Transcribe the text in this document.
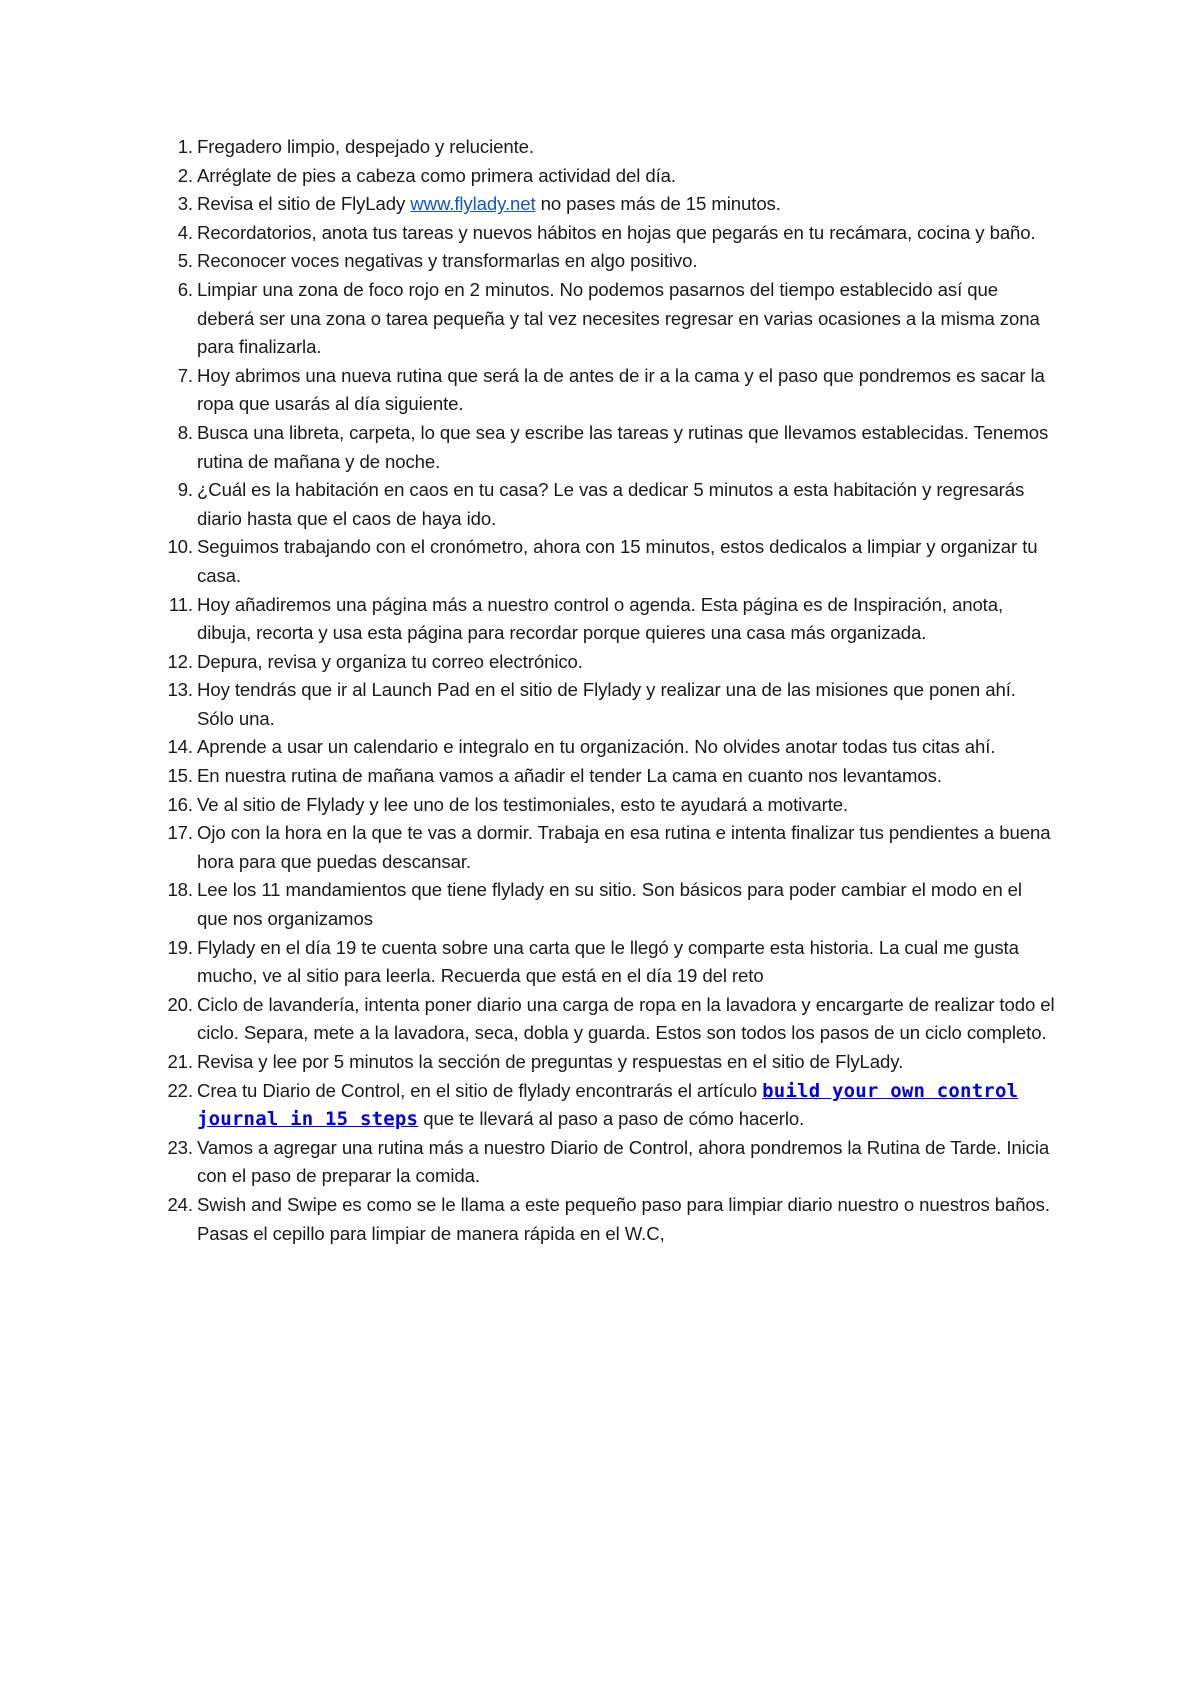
1. Fregadero limpio, despejado y reluciente.
2. Arréglate de pies a cabeza como primera actividad del día.
3. Revisa el sitio de FlyLady www.flylady.net no pases más de 15 minutos.
4. Recordatorios, anota tus tareas y nuevos hábitos en hojas que pegarás en tu recámara, cocina y baño.
5. Reconocer voces negativas y transformarlas en algo positivo.
6. Limpiar una zona de foco rojo en 2 minutos. No podemos pasarnos del tiempo establecido así que deberá ser una zona o tarea pequeña y tal vez necesites regresar en varias ocasiones a la misma zona para finalizarla.
7. Hoy abrimos una nueva rutina que será la de antes de ir a la cama y el paso que pondremos es sacar la ropa que usarás al día siguiente.
8. Busca una libreta, carpeta, lo que sea y escribe las tareas y rutinas que llevamos establecidas. Tenemos rutina de mañana y de noche.
9. ¿Cuál es la habitación en caos en tu casa? Le vas a dedicar 5 minutos a esta habitación y regresarás diario hasta que el caos de haya ido.
10. Seguimos trabajando con el cronómetro, ahora con 15 minutos, estos dedicalos a limpiar y organizar tu casa.
11. Hoy añadiremos una página más a nuestro control o agenda. Esta página es de Inspiración, anota, dibuja, recorta y usa esta página para recordar porque quieres una casa más organizada.
12. Depura, revisa y organiza tu correo electrónico.
13. Hoy tendrás que ir al Launch Pad en el sitio de Flylady y realizar una de las misiones que ponen ahí. Sólo una.
14. Aprende a usar un calendario e integralo en tu organización. No olvides anotar todas tus citas ahí.
15. En nuestra rutina de mañana vamos a añadir el tender La cama en cuanto nos levantamos.
16. Ve al sitio de Flylady y lee uno de los testimoniales, esto te ayudará a motivarte.
17. Ojo con la hora en la que te vas a dormir. Trabaja en esa rutina e intenta finalizar tus pendientes a buena hora para que puedas descansar.
18. Lee los 11 mandamientos que tiene flylady en su sitio. Son básicos para poder cambiar el modo en el que nos organizamos
19. Flylady en el día 19 te cuenta sobre una carta que le llegó y comparte esta historia. La cual me gusta mucho, ve al sitio para leerla. Recuerda que está en el día 19 del reto
20. Ciclo de lavandería, intenta poner diario una carga de ropa en la lavadora y encargarte de realizar todo el ciclo. Separa, mete a la lavadora, seca, dobla y guarda. Estos son todos los pasos de un ciclo completo.
21. Revisa y lee por 5 minutos la sección de preguntas y respuestas en el sitio de FlyLady.
22. Crea tu Diario de Control, en el sitio de flylady encontrarás el artículo build your own control journal in 15 steps que te llevará al paso a paso de cómo hacerlo.
23. Vamos a agregar una rutina más a nuestro Diario de Control, ahora pondremos la Rutina de Tarde. Inicia con el paso de preparar la comida.
24. Swish and Swipe es como se le llama a este pequeño paso para limpiar diario nuestro o nuestros baños. Pasas el cepillo para limpiar de manera rápida en el W.C,
